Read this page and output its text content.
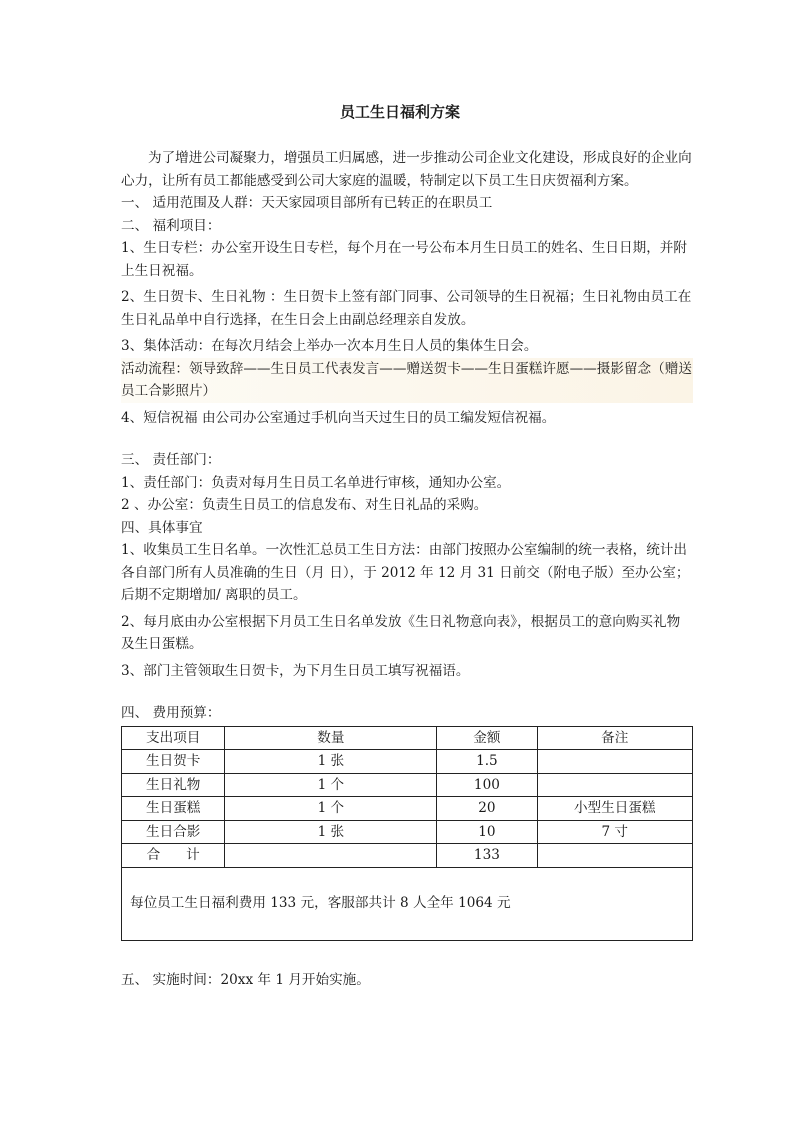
员工生日福利方案

为了增进公司凝聚力，增强员工归属感，进一步推动公司企业文化建设，形成良好的企业向心力，让所有员工都能感受到公司大家庭的温暖，特制定以下员工生日庆贺福利方案。

一、 适用范围及人群：天天家园项目部所有已转正的在职员工

二、 福利项目：

1、生日专栏：办公室开设生日专栏，每个月在一号公布本月生日员工的姓名、生日日期，并附上生日祝福。

2、生日贺卡、生日礼物 ：生日贺卡上签有部门同事、公司领导的生日祝福；生日礼物由员工在生日礼品单中自行选择，在生日会上由副总经理亲自发放。

3、集体活动：在每次月结会上举办一次本月生日人员的集体生日会。

活动流程：领导致辞——生日员工代表发言——赠送贺卡——生日蛋糕许愿——摄影留念（赠送员工合影照片）

4、短信祝福 由公司办公室通过手机向当天过生日的员工编发短信祝福。

三、 责任部门：

1、责任部门：负责对每月生日员工名单进行审核，通知办公室。

2 、办公室：负责生日员工的信息发布、对生日礼品的采购。

四、具体事宜

1、收集员工生日名单。一次性汇总员工生日方法：由部门按照办公室编制的统一表格，统计出各自部门所有人员准确的生日（月 日），于 2012 年 12 月 31 日前交（附电子版）至办公室；后期不定期增加/ 离职的员工。

2、每月底由办公室根据下月员工生日名单发放《生日礼物意向表》，根据员工的意向购买礼物及生日蛋糕。

3、部门主管领取生日贺卡，为下月生日员工填写祝福语。

四、 费用预算：

支出项目	数量	金额	备注
生日贺卡	1 张	1.5	
生日礼物	1 个	100	
生日蛋糕	1 个	20	小型生日蛋糕
生日合影	1 张	10	7 寸
合      计		133	
每位员工生日福利费用 133 元，客服部共计 8 人全年 1064 元			

五、 实施时间：20xx 年 1 月开始实施。
